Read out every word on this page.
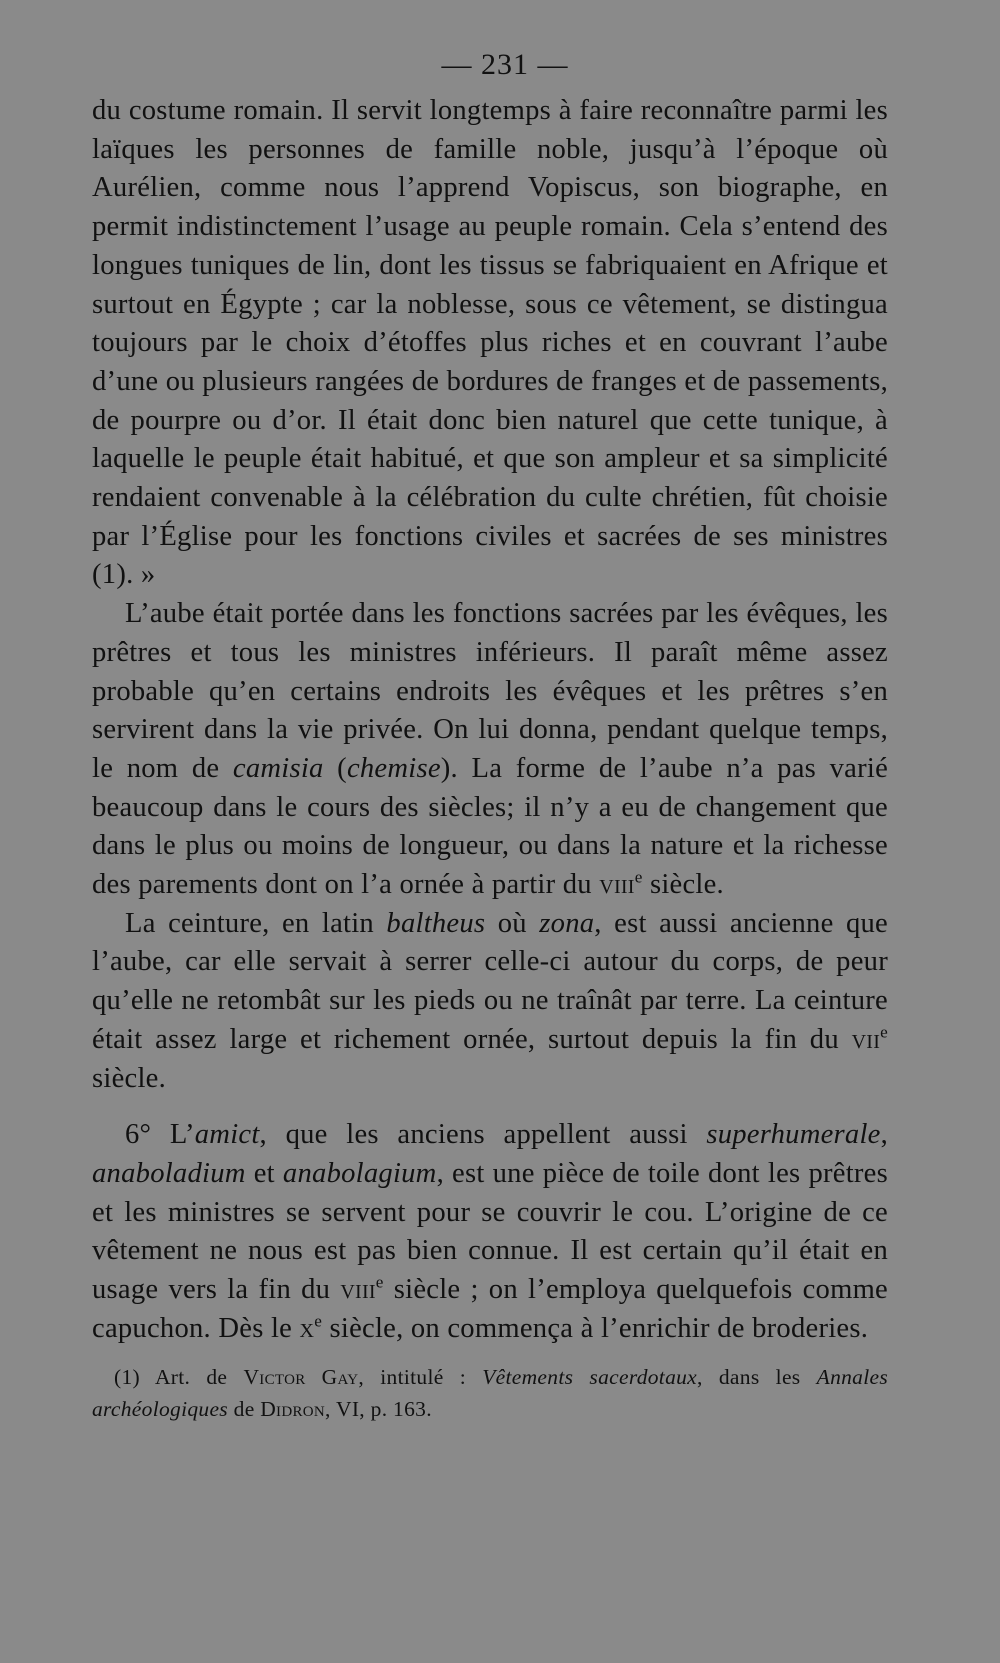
— 231 —

du costume romain. Il servit longtemps à faire reconnaître parmi les laïques les personnes de famille noble, jusqu’à l’époque où Aurélien, comme nous l’apprend Vopiscus, son biographe, en permit indistinctement l’usage au peuple romain. Cela s’entend des longues tuniques de lin, dont les tissus se fabriquaient en Afrique et surtout en Égypte ; car la noblesse, sous ce vêtement, se distingua toujours par le choix d’étoffes plus riches et en couvrant l’aube d’une ou plusieurs rangées de bordures de franges et de passements, de pourpre ou d’or. Il était donc bien naturel que cette tunique, à laquelle le peuple était habitué, et que son ampleur et sa simplicité rendaient convenable à la célébration du culte chrétien, fût choisie par l’Église pour les fonctions civiles et sacrées de ses ministres (1). »

L’aube était portée dans les fonctions sacrées par les évêques, les prêtres et tous les ministres inférieurs. Il paraît même assez probable qu’en certains endroits les évêques et les prêtres s’en servirent dans la vie privée. On lui donna, pendant quelque temps, le nom de camisia (chemise). La forme de l’aube n’a pas varié beaucoup dans le cours des siècles; il n’y a eu de changement que dans le plus ou moins de longueur, ou dans la nature et la richesse des parements dont on l’a ornée à partir du viii$^e$ siècle.

La ceinture, en latin baltheus où zona, est aussi ancienne que l’aube, car elle servait à serrer celle-ci autour du corps, de peur qu’elle ne retombât sur les pieds ou ne traînât par terre. La ceinture était assez large et richement ornée, surtout depuis la fin du vii$^e$ siècle.

6° L’amict, que les anciens appellent aussi superhumerale, anaboladium et anabolagium, est une pièce de toile dont les prêtres et les ministres se servent pour se couvrir le cou. L’origine de ce vêtement ne nous est pas bien connue. Il est certain qu’il était en usage vers la fin du viii$^e$ siècle ; on l’employa quelquefois comme capuchon. Dès le $x^e$ siècle, on commença à l’enrichir de broderies.

(1) Art. de Victor Gay, intitulé : Vêtements sacerdotaux, dans les Annales archéologiques de Didron, VI, p. 163.
